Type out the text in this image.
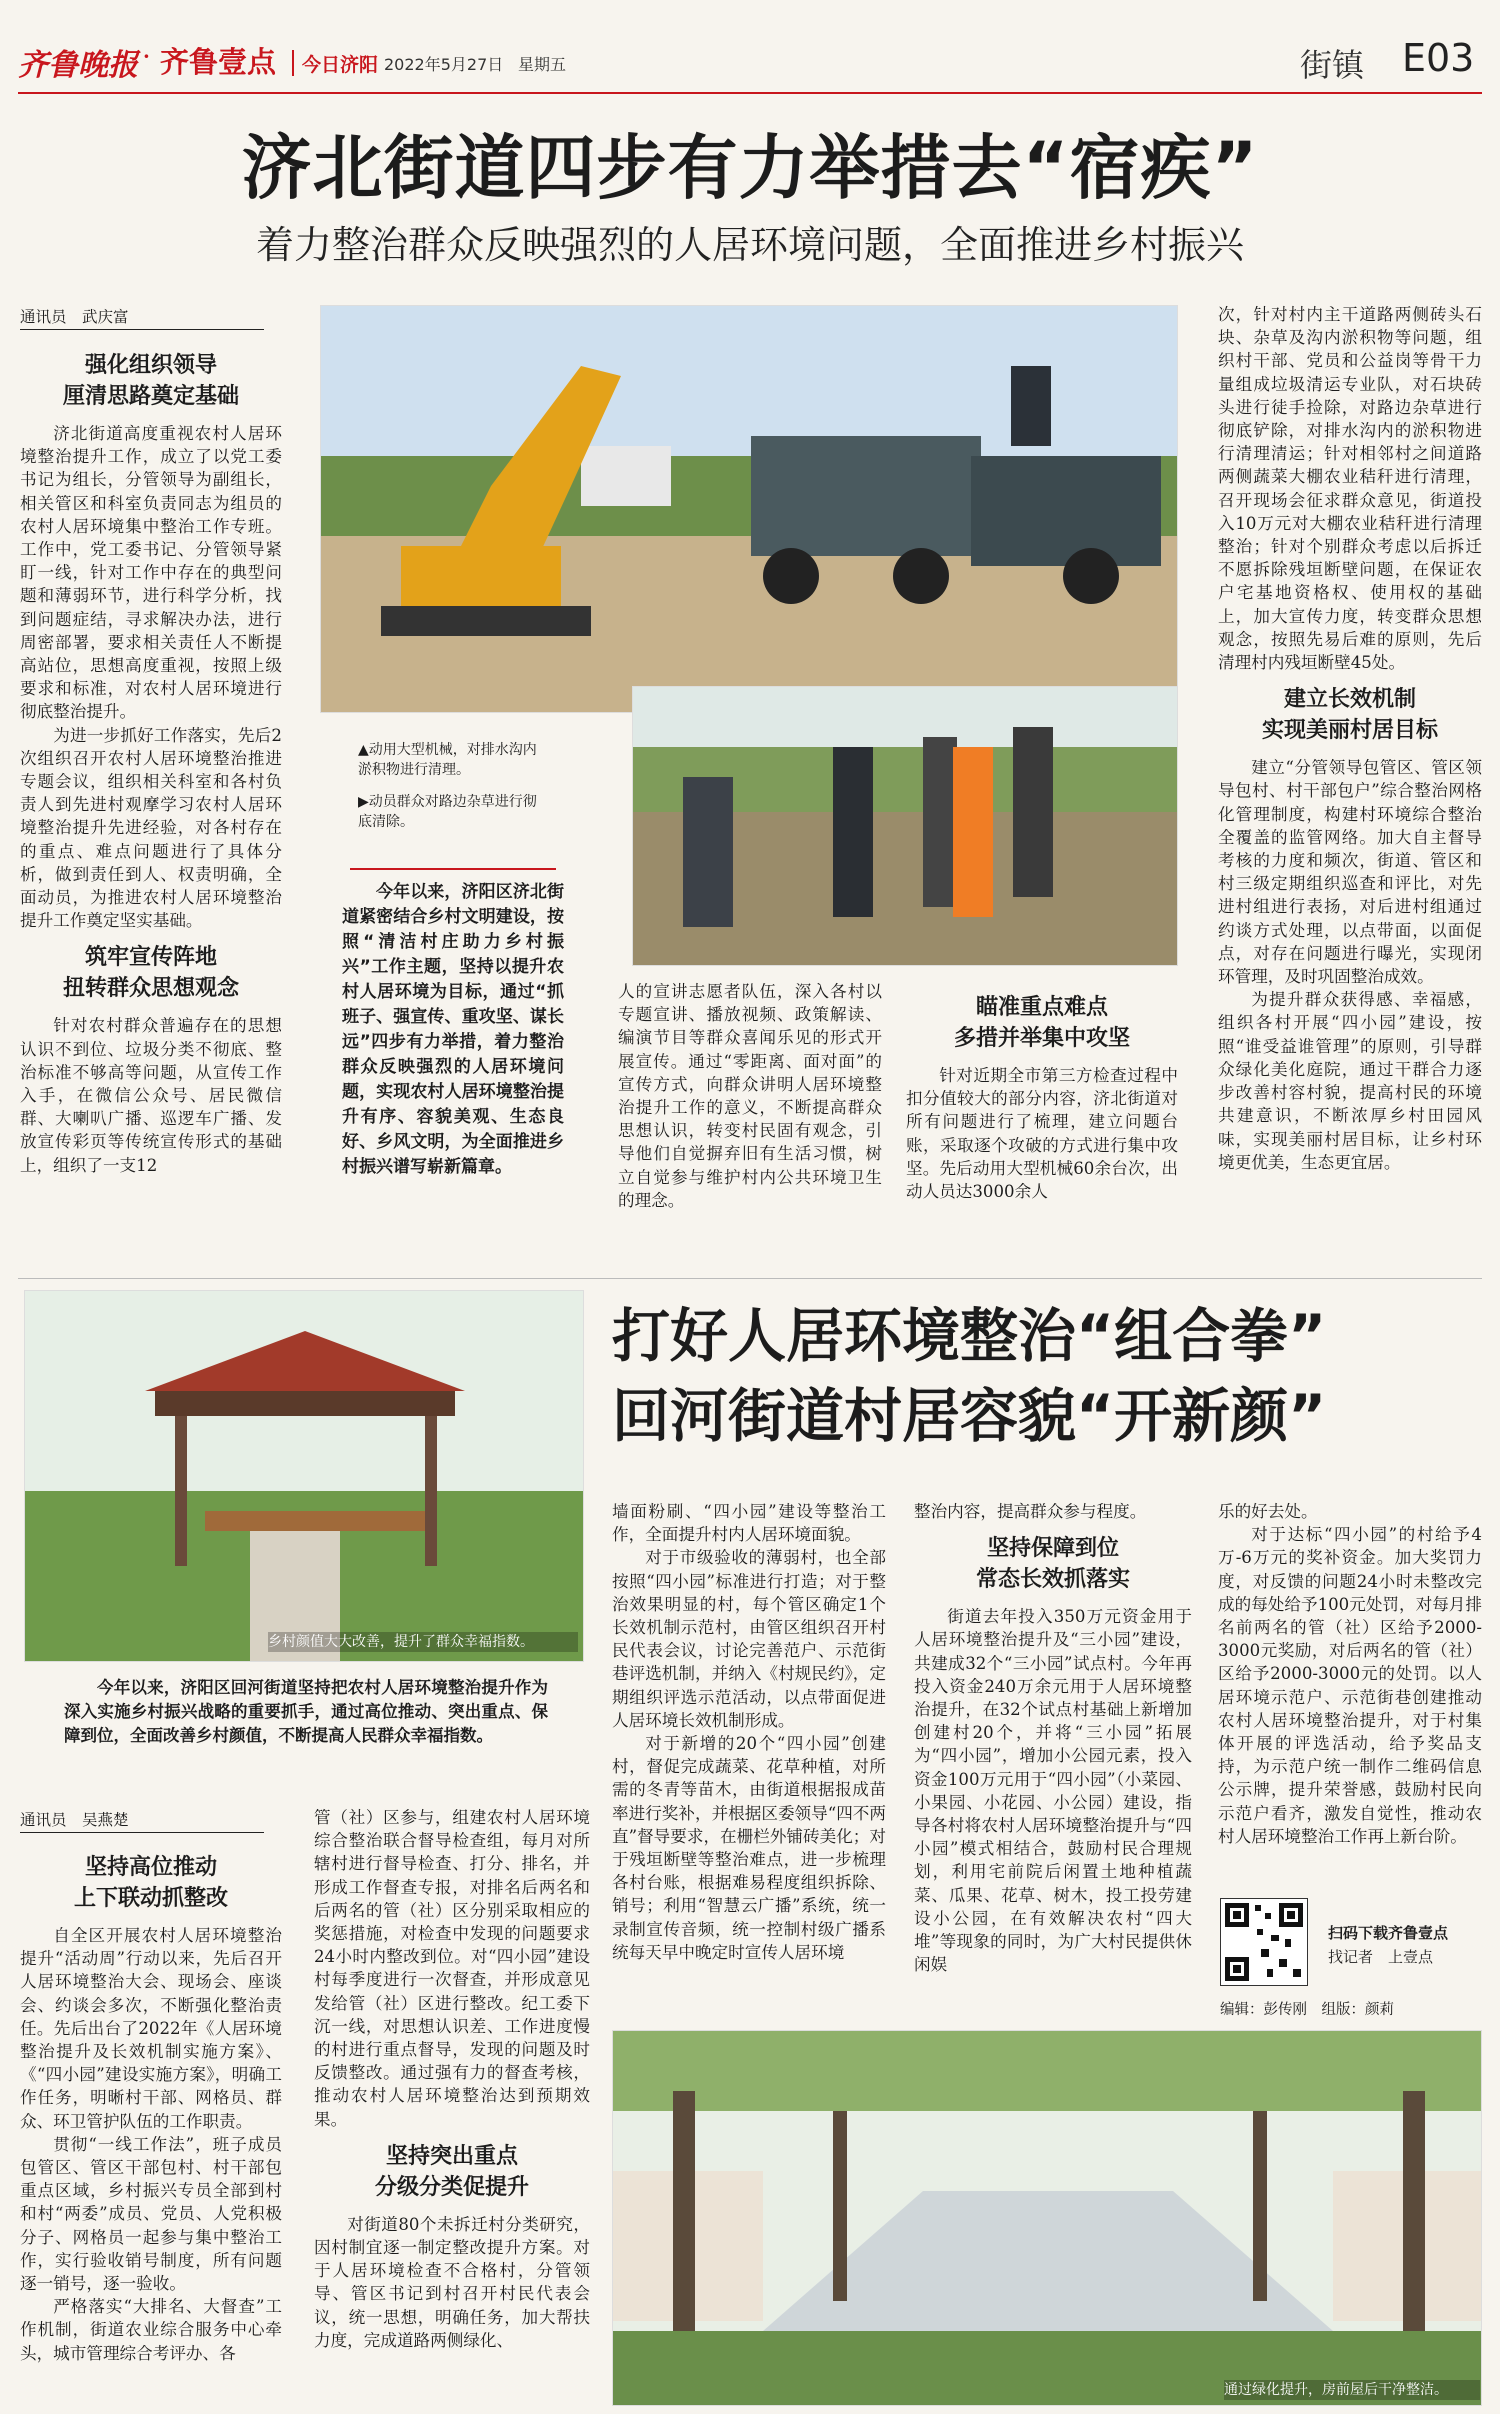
齐鲁晚报 · 齐鲁壹点 今日济阳 2022年5月27日 星期五	街镇 E03
济北街道四步有力举措去“宿疾”
着力整治群众反映强烈的人居环境问题，全面推进乡村振兴
通讯员　武庆富
强化组织领导
厘清思路奠定基础

济北街道高度重视农村人居环境整治提升工作，成立了以党工委书记为组长，分管领导为副组长，相关管区和科室负责同志为组员的农村人居环境集中整治工作专班。工作中，党工委书记、分管领导紧盯一线，针对工作中存在的典型问题和薄弱环节，进行科学分析，找到问题症结，寻求解决办法，进行周密部署，要求相关责任人不断提高站位，思想高度重视，按照上级要求和标准，对农村人居环境进行彻底整治提升。

为进一步抓好工作落实，先后2次组织召开农村人居环境整治推进专题会议，组织相关科室和各村负责人到先进村观摩学习农村人居环境整治提升先进经验，对各村存在的重点、难点问题进行了具体分析，做到责任到人、权责明确，全面动员，为推进农村人居环境整治提升工作奠定坚实基础。

筑牢宣传阵地
扭转群众思想观念

针对农村群众普遍存在的思想认识不到位、垃圾分类不彻底、整治标准不够高等问题，从宣传工作入手，在微信公众号、居民微信群、大喇叭广播、巡逻车广播、发放宣传彩页等传统宣传形式的基础上，组织了一支12

▲动用大型机械，对排水沟内淤积物进行清理。
▶动员群众对路边杂草进行彻底清除。

今年以来，济阳区济北街道紧密结合乡村文明建设，按照“清洁村庄助力乡村振兴”工作主题，坚持以提升农村人居环境为目标，通过“抓班子、强宣传、重攻坚、谋长远”四步有力举措，着力整治群众反映强烈的人居环境问题，实现农村人居环境整治提升有序、容貌美观、生态良好、乡风文明，为全面推进乡村振兴谱写崭新篇章。

人的宣讲志愿者队伍，深入各村以专题宣讲、播放视频、政策解读、编演节目等群众喜闻乐见的形式开展宣传。通过“零距离、面对面”的宣传方式，向群众讲明人居环境整治提升工作的意义，不断提高群众思想认识，转变村民固有观念，引导他们自觉摒弃旧有生活习惯，树立自觉参与维护村内公共环境卫生的理念。

瞄准重点难点
多措并举集中攻坚

针对近期全市第三方检查过程中扣分值较大的部分内容，济北街道对所有问题进行了梳理，建立问题台账，采取逐个攻破的方式进行集中攻坚。先后动用大型机械60余台次，出动人员达3000余人

次，针对村内主干道路两侧砖头石块、杂草及沟内淤积物等问题，组织村干部、党员和公益岗等骨干力量组成垃圾清运专业队，对石块砖头进行徒手捡除，对路边杂草进行彻底铲除，对排水沟内的淤积物进行清理清运；针对相邻村之间道路两侧蔬菜大棚农业秸秆进行清理，召开现场会征求群众意见，街道投入10万元对大棚农业秸秆进行清理整治；针对个别群众考虑以后拆迁不愿拆除残垣断壁问题，在保证农户宅基地资格权、使用权的基础上，加大宣传力度，转变群众思想观念，按照先易后难的原则，先后清理村内残垣断壁45处。

建立长效机制
实现美丽村居目标

建立“分管领导包管区、管区领导包村、村干部包户”综合整治网格化管理制度，构建村环境综合整治全覆盖的监管网络。加大自主督导考核的力度和频次，街道、管区和村三级定期组织巡查和评比，对先进村组进行表扬，对后进村组通过约谈方式处理，以点带面，以面促点，对存在问题进行曝光，实现闭环管理，及时巩固整治成效。

为提升群众获得感、幸福感，组织各村开展“四小园”建设，按照“谁受益谁管理”的原则，引导群众绿化美化庭院，通过干群合力逐步改善村容村貌，提高村民的环境共建意识，不断浓厚乡村田园风味，实现美丽村居目标，让乡村环境更优美，生态更宜居。

乡村颜值大大改善，提升了群众幸福指数。
打好人居环境整治“组合拳”
回河街道村居容貌“开新颜”

今年以来，济阳区回河街道坚持把农村人居环境整治提升作为深入实施乡村振兴战略的重要抓手，通过高位推动、突出重点、保障到位，全面改善乡村颜值，不断提高人民群众幸福指数。

通讯员　吴燕楚
坚持高位推动
上下联动抓整改

自全区开展农村人居环境整治提升“活动周”行动以来，先后召开人居环境整治大会、现场会、座谈会、约谈会多次，不断强化整治责任。先后出台了2022年《人居环境整治提升及长效机制实施方案》、《“四小园”建设实施方案》，明确工作任务，明晰村干部、网格员、群众、环卫管护队伍的工作职责。

贯彻“一线工作法”，班子成员包管区、管区干部包村、村干部包重点区域，乡村振兴专员全部到村和村“两委”成员、党员、人党积极分子、网格员一起参与集中整治工作，实行验收销号制度，所有问题逐一销号，逐一验收。

严格落实“大排名、大督查”工作机制，街道农业综合服务中心牵头，城市管理综合考评办、各

管（社）区参与，组建农村人居环境综合整治联合督导检查组，每月对所辖村进行督导检查、打分、排名，并形成工作督查专报，对排名后两名和后两名的管（社）区分别采取相应的奖惩措施，对检查中发现的问题要求24小时内整改到位。对“四小园”建设村每季度进行一次督查，并形成意见发给管（社）区进行整改。纪工委下沉一线，对思想认识差、工作进度慢的村进行重点督导，发现的问题及时反馈整改。通过强有力的督查考核，推动农村人居环境整治达到预期效果。

坚持突出重点
分级分类促提升

对街道80个未拆迁村分类研究，因村制宜逐一制定整改提升方案。对于人居环境检查不合格村，分管领导、管区书记到村召开村民代表会议，统一思想，明确任务，加大帮扶力度，完成道路两侧绿化、

墙面粉刷、“四小园”建设等整治工作，全面提升村内人居环境面貌。

对于市级验收的薄弱村，也全部按照“四小园”标准进行打造；对于整治效果明显的村，每个管区确定1个长效机制示范村，由管区组织召开村民代表会议，讨论完善范户、示范街巷评选机制，并纳入《村规民约》，定期组织评选示范活动，以点带面促进人居环境长效机制形成。

对于新增的20个“四小园”创建村，督促完成蔬菜、花草种植，对所需的冬青等苗木，由街道根据报成苗率进行奖补，并根据区委领导“四不两直”督导要求，在栅栏外铺砖美化；对于残垣断壁等整治难点，进一步梳理各村台账，根据难易程度组织拆除、销号；利用“智慧云广播”系统，统一录制宣传音频，统一控制村级广播系统每天早中晚定时宣传人居环境

整治内容，提高群众参与程度。

坚持保障到位
常态长效抓落实

街道去年投入350万元资金用于人居环境整治提升及“三小园”建设，共建成32个“三小园”试点村。今年再投入资金240万余元用于人居环境整治提升，在32个试点村基础上新增加创建村20个，并将“三小园”拓展为“四小园”，增加小公园元素，投入资金100万元用于“四小园”（小菜园、小果园、小花园、小公园）建设，指导各村将农村人居环境整治提升与“四小园”模式相结合，鼓励村民合理规划，利用宅前院后闲置土地种植蔬菜、瓜果、花草、树木，投工投劳建设小公园，在有效解决农村“四大堆”等现象的同时，为广大村民提供休闲娱

乐的好去处。

对于达标“四小园”的村给予4万-6万元的奖补资金。加大奖罚力度，对反馈的问题24小时未整改完成的每处给予100元处罚，对每月排名前两名的管（社）区给予2000-3000元奖励，对后两名的管（社）区给予2000-3000元的处罚。以人居环境示范户、示范街巷创建推动农村人居环境整治提升，对于村集体开展的评选活动，给予奖品支持，为示范户统一制作二维码信息公示牌，提升荣誉感，鼓励村民向示范户看齐，激发自觉性，推动农村人居环境整治工作再上新台阶。

扫码下载齐鲁壹点
找记者　上壹点
编辑：彭传刚　组版：颜莉
通过绿化提升，房前屋后干净整洁。
